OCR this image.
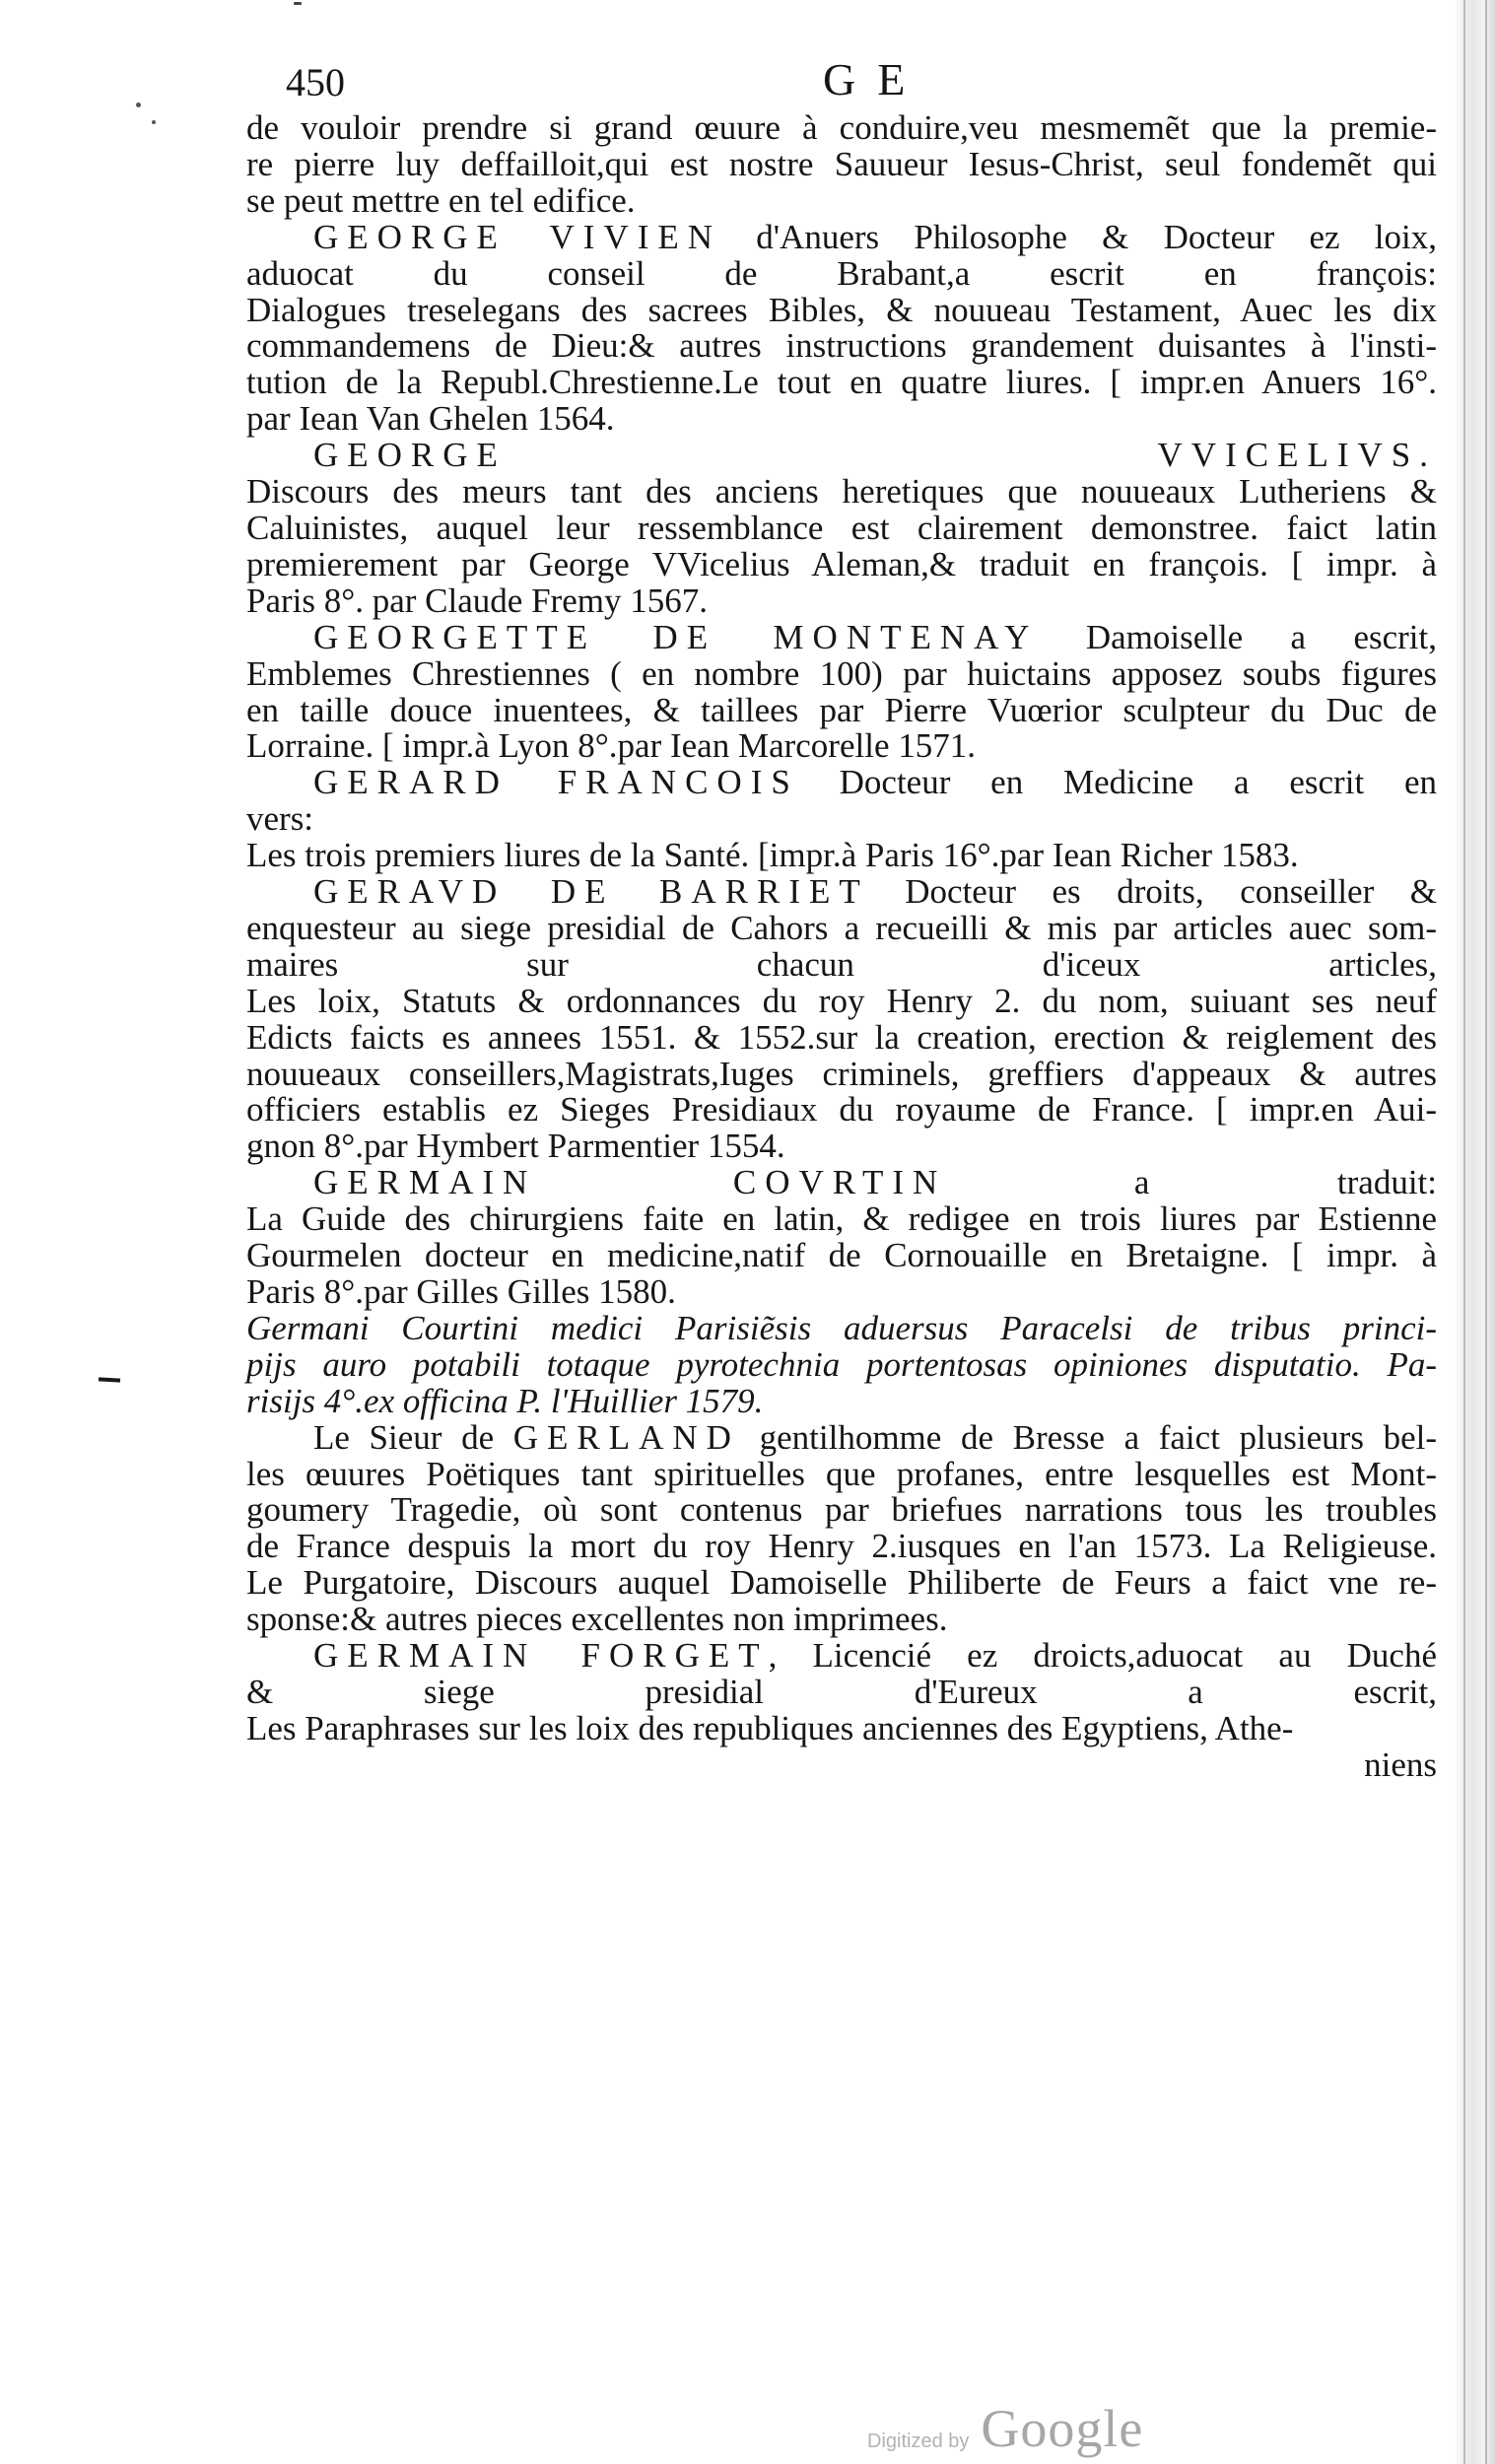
450	GE

de vouloir prendre si grand œuure à conduire,veu mesmemẽt que la premie-
re pierre luy deffailloit,qui est nostre Sauueur Iesus-Christ, seul fondemẽt qui
se peut mettre en tel edifice.

GEORGE VIVIEN d'Anuers Philosophe & Docteur ez loix,
aduocat du conseil de Brabant,a escrit en françois:
Dialogues treselegans des sacrees Bibles, & nouueau Testament, Auec les dix
commandemens de Dieu:& autres instructions grandement duisantes à l'insti-
tution de la Republ.Chrestienne.Le tout en quatre liures. [ impr.en Anuers 16°.
par Iean Van Ghelen 1564.

GEORGE VVICELIVS.
Discours des meurs tant des anciens heretiques que nouueaux Lutheriens &
Caluinistes, auquel leur ressemblance est clairement demonstree. faict latin
premierement par George VVicelius Aleman,& traduit en françois. [ impr. à
Paris 8°. par Claude Fremy 1567.

GEORGETTE DE MONTENAY Damoiselle a escrit,
Emblemes Chrestiennes ( en nombre 100) par huictains apposez soubs figures
en taille douce inuentees, & taillees par Pierre Vuœrior sculpteur du Duc de
Lorraine. [ impr.à Lyon 8°.par Iean Marcorelle 1571.

GERARD FRANCOIS Docteur en Medicine a escrit en
vers:
Les trois premiers liures de la Santé. [impr.à Paris 16°.par Iean Richer 1583.

GERAVD DE BARRIET Docteur es droits, conseiller &
enquesteur au siege presidial de Cahors a recueilli & mis par articles auec som-
maires sur chacun d'iceux articles,
Les loix, Statuts & ordonnances du roy Henry 2. du nom, suiuant ses neuf
Edicts faicts es annees 1551. & 1552.sur la creation, erection & reiglement des
nouueaux conseillers,Magistrats,Iuges criminels, greffiers d'appeaux & autres
officiers establis ez Sieges Presidiaux du royaume de France. [ impr.en Aui-
gnon 8°.par Hymbert Parmentier 1554.

GERMAIN COVRTIN a traduit:
La Guide des chirurgiens faite en latin, & redigee en trois liures par Estienne
Gourmelen docteur en medicine,natif de Cornouaille en Bretaigne. [ impr. à
Paris 8°.par Gilles Gilles 1580.

Germani Courtini medici Parisiẽsis aduersus Paracelsi de tribus princi-
pijs auro potabili totaque pyrotechnia portentosas opiniones disputatio. Pa-
risijs 4°.ex officina P. l'Huillier 1579.

Le Sieur de GERLAND gentilhomme de Bresse a faict plusieurs bel-
les œuures Poëtiques tant spirituelles que profanes, entre lesquelles est Mont-
goumery Tragedie, où sont contenus par briefues narrations tous les troubles
de France despuis la mort du roy Henry 2.iusques en l'an 1573. La Religieuse.
Le Purgatoire, Discours auquel Damoiselle Philiberte de Feurs a faict vne re-
sponse:& autres pieces excellentes non imprimees.

GERMAIN FORGET, Licencié ez droicts,aduocat au Duché
& siege presidial d'Eureux a escrit,
Les Paraphrases sur les loix des republiques anciennes des Egyptiens, Athe-

niens
Digitized by Google
